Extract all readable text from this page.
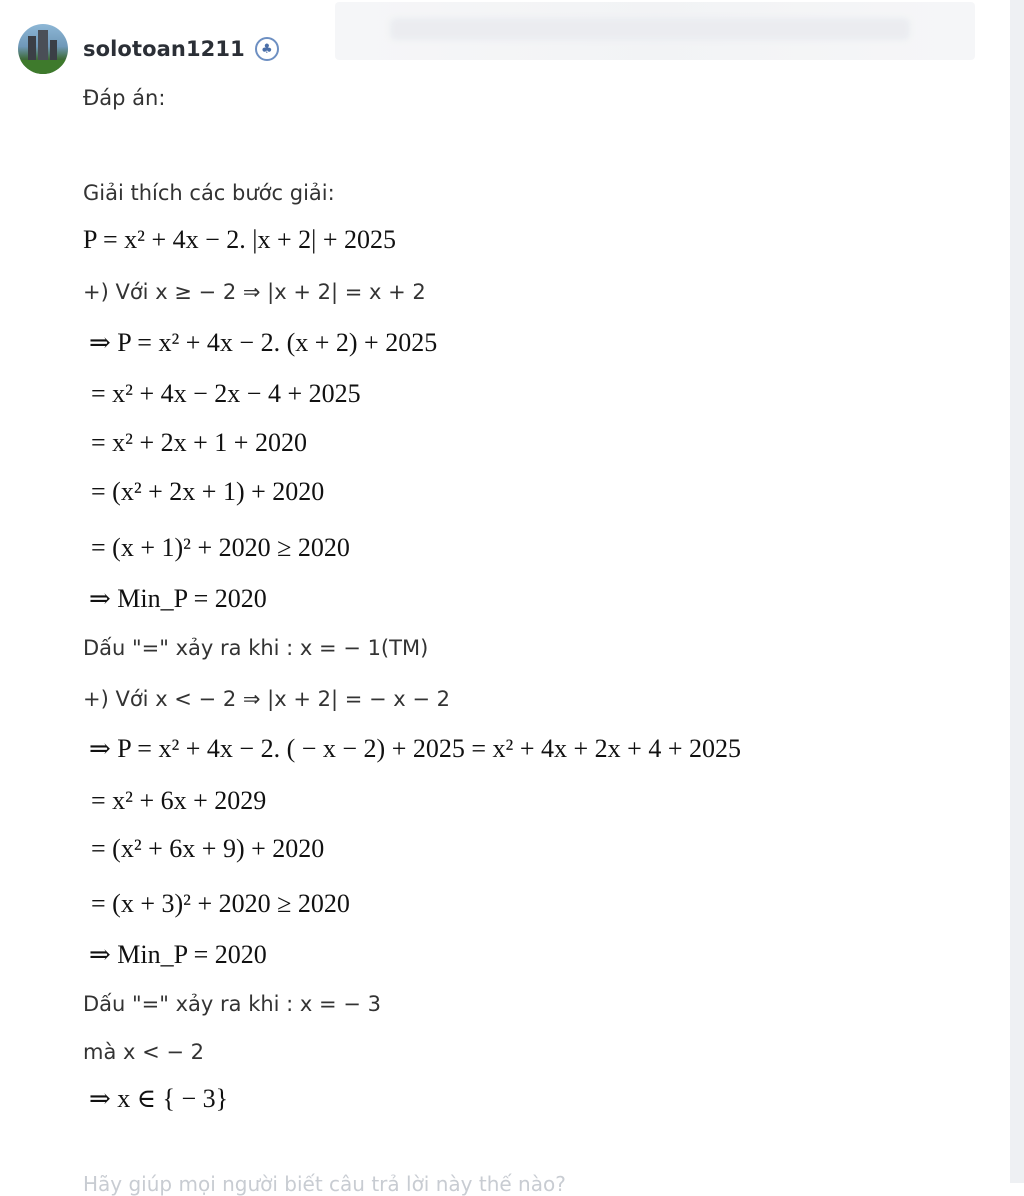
solotoan1211	♣
Đáp án:
Giải thích các bước giải:
P = x² + 4x − 2. |x + 2| + 2025
+) Với x ≥ − 2 ⇒ |x + 2| = x + 2
⇒ P = x² + 4x − 2. (x + 2) + 2025
= x² + 4x − 2x − 4 + 2025
= x² + 2x + 1 + 2020
= (x² + 2x + 1) + 2020
= (x + 1)² + 2020 ≥ 2020
⇒ Min_P = 2020
Dấu "=" xảy ra khi : x = − 1(TM)
+) Với x < − 2 ⇒ |x + 2| = − x − 2
⇒ P = x² + 4x − 2. ( − x − 2) + 2025 = x² + 4x + 2x + 4 + 2025
= x² + 6x + 2029
= (x² + 6x + 9) + 2020
= (x + 3)² + 2020 ≥ 2020
⇒ Min_P = 2020
Dấu "=" xảy ra khi : x = − 3
mà x < − 2
⇒ x ∈ { − 3}
Hãy giúp mọi người biết câu trả lời này thế nào?
